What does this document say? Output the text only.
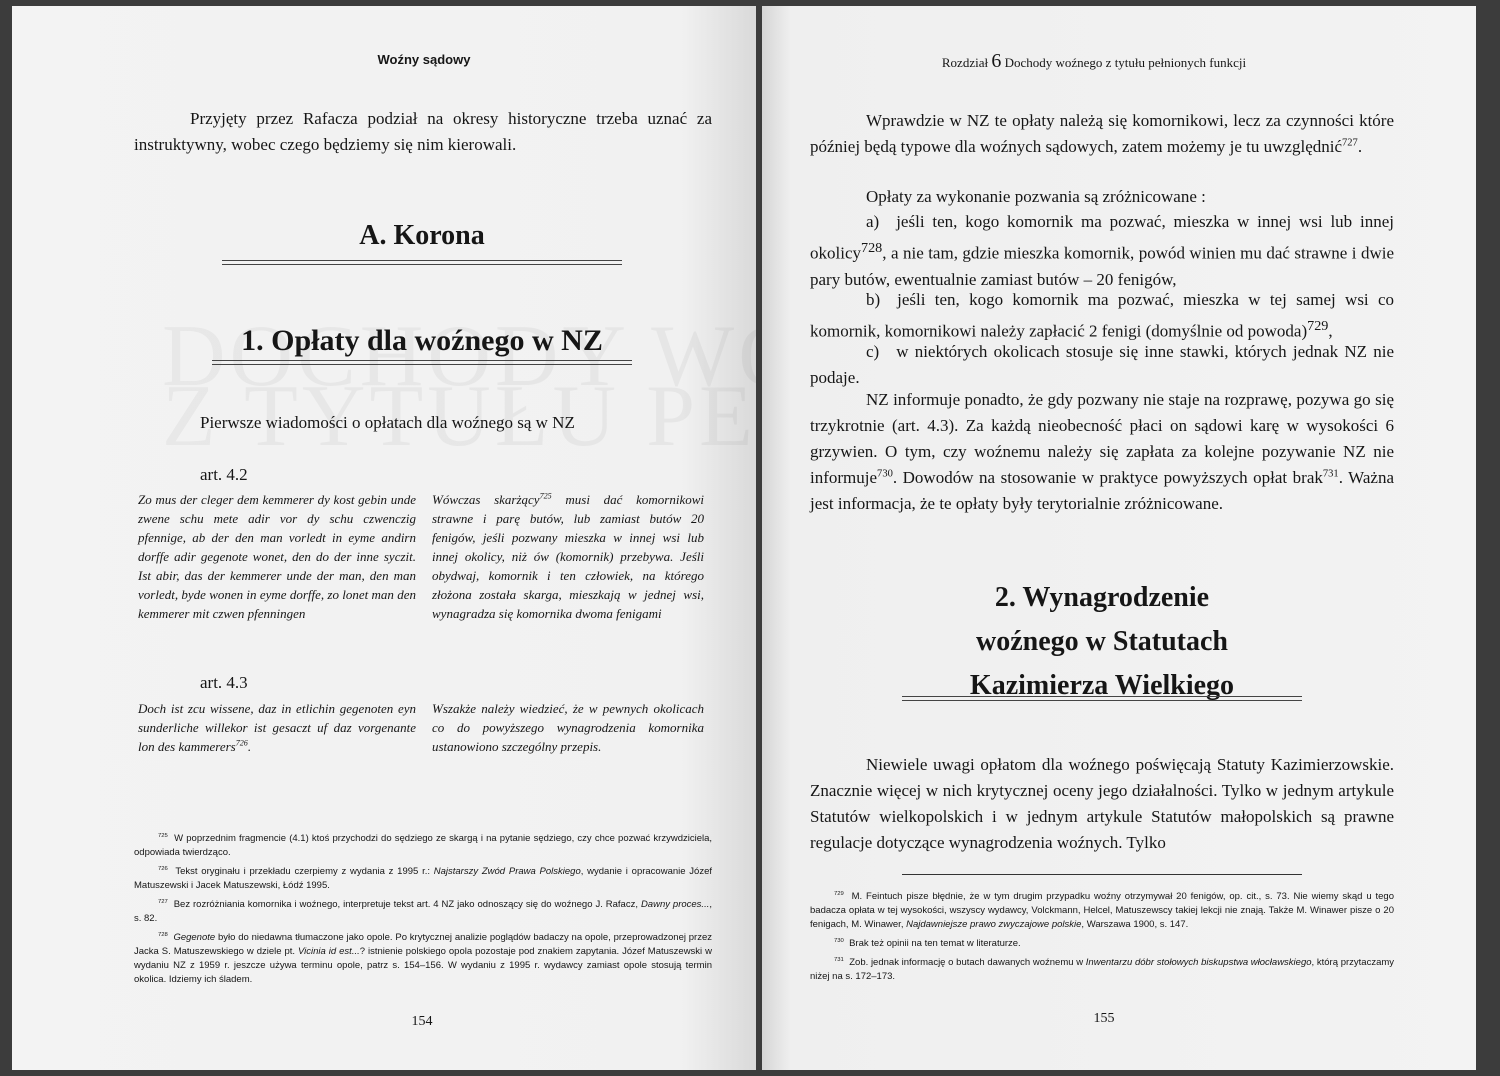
Woźny sądowy

Przyjęty przez Rafacza podział na okresy historyczne trzeba uznać za instruktywny, wobec czego będziemy się nim kierowali.

A. Korona
1. Opłaty dla woźnego w NZ

Pierwsze wiadomości o opłatach dla woźnego są w NZ

art. 4.2

Zo mus der cleger dem kemmerer dy kost gebin unde zwene schu mete adir vor dy schu czwenczig pfennige, ab der den man vorledt in eyme andirn dorffe adir gegenote wonet, den do der inne syczit. Ist abir, das der kemmerer unde der man, den man vorledt, byde wonen in eyme dorffe, zo lonet man den kemmerer mit czwen pfenningen

Wówczas skarżący$^{725}$ musi dać komornikowi strawne i parę butów, lub zamiast butów 20 fenigów, jeśli pozwany mieszka w innej wsi lub innej okolicy, niż ów (komornik) przebywa. Jeśli obydwaj, komornik i ten człowiek, na którego złożona została skarga, mieszkają w jednej wsi, wynagradza się komornika dwoma fenigami

art. 4.3

Doch ist zcu wissene, daz in etlichin gegenoten eyn sunderliche willekor ist gesaczt uf daz vorgenante lon des kammerers$^{726}$.

Wszakże należy wiedzieć, że w pewnych okolicach co do powyższego wynagrodzenia komornika ustanowiono szczególny przepis.

$^{725}$ W poprzednim fragmencie (4.1) ktoś przychodzi do sędziego ze skargą i na pytanie sędziego, czy chce pozwać krzywdziciela, odpowiada twierdząco.

$^{726}$ Tekst oryginału i przekładu czerpiemy z wydania z 1995 r.: Najstarszy Zwód Prawa Polskiego, wydanie i opracowanie Józef Matuszewski i Jacek Matuszewski, Łódź 1995.

$^{727}$ Bez rozróżniania komornika i woźnego, interpretuje tekst art. 4 NZ jako odnoszący się do woźnego J. Rafacz, Dawny proces..., s. 82.

$^{728}$ Gegenote było do niedawna tłumaczone jako opole. Po krytycznej analizie poglądów badaczy na opole, przeprowadzonej przez Jacka S. Matuszewskiego w dziele pt. Vicinia id est...? istnienie polskiego opola pozostaje pod znakiem zapytania. Józef Matuszewski w wydaniu NZ z 1959 r. jeszcze używa terminu opole, patrz s. 154–156. W wydaniu z 1995 r. wydawcy zamiast opole stosują termin okolica. Idziemy ich śladem.

154
Rozdział 6 Dochody woźnego z tytułu pełnionych funkcji

Wprawdzie w NZ te opłaty należą się komornikowi, lecz za czynności które później będą typowe dla woźnych sądowych, zatem możemy je tu uwzględnić$^{727}$.

Opłaty za wykonanie pozwania są zróżnicowane :

a) jeśli ten, kogo komornik ma pozwać, mieszka w innej wsi lub innej okolicy$^{728}$, a nie tam, gdzie mieszka komornik, powód winien mu dać strawne i dwie pary butów, ewentualnie zamiast butów – 20 fenigów,

b) jeśli ten, kogo komornik ma pozwać, mieszka w tej samej wsi co komornik, komornikowi należy zapłacić 2 fenigi (domyślnie od powoda)$^{729}$,

c) w niektórych okolicach stosuje się inne stawki, których jednak NZ nie podaje.

NZ informuje ponadto, że gdy pozwany nie staje na rozprawę, pozywa go się trzykrotnie (art. 4.3). Za każdą nieobecność płaci on sądowi karę w wysokości 6 grzywien. O tym, czy woźnemu należy się zapłata za kolejne pozywanie NZ nie informuje$^{730}$. Dowodów na stosowanie w praktyce powyższych opłat brak$^{731}$. Ważna jest informacja, że te opłaty były terytorialnie zróżnicowane.

2. Wynagrodzenie
woźnego w Statutach
Kazimierza Wielkiego

Niewiele uwagi opłatom dla woźnego poświęcają Statuty Kazimierzowskie. Znacznie więcej w nich krytycznej oceny jego działalności. Tylko w jednym artykule Statutów wielkopolskich i w jednym artykule Statutów małopolskich są prawne regulacje dotyczące wynagrodzenia woźnych. Tylko

$^{729}$ M. Feintuch pisze błędnie, że w tym drugim przypadku woźny otrzymywał 20 fenigów, op. cit., s. 73. Nie wiemy skąd u tego badacza opłata w tej wysokości, wszyscy wydawcy, Volckmann, Helcel, Matuszewscy takiej lekcji nie znają. Także M. Winawer pisze o 20 fenigach, M. Winawer, Najdawniejsze prawo zwyczajowe polskie, Warszawa 1900, s. 147.

$^{730}$ Brak też opinii na ten temat w literaturze.

$^{731}$ Zob. jednak informację o butach dawanych woźnemu w Inwentarzu dóbr stołowych biskupstwa włocławskiego, którą przytaczamy niżej na s. 172–173.

155
